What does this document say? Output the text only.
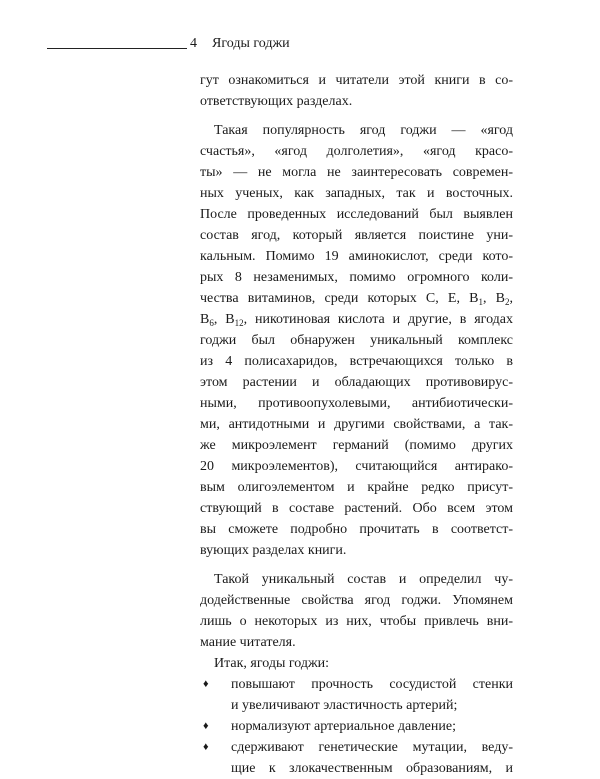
4 Ягоды годжи
гут ознакомиться и читатели этой книги в со-
ответствующих разделах.
Такая популярность ягод годжи — «ягод
счастья», «ягод долголетия», «ягод красо-
ты» — не могла не заинтересовать современ-
ных ученых, как западных, так и восточных.
После проведенных исследований был выявлен
состав ягод, который является поистине уни-
кальным. Помимо 19 аминокислот, среди кото-
рых 8 незаменимых, помимо огромного коли-
чества витаминов, среди которых С, Е, $B_1$, $B_2$,
$B_6$, $B_{12}$, никотиновая кислота и другие, в ягодах
годжи был обнаружен уникальный комплекс
из 4 полисахаридов, встречающихся только в
этом растении и обладающих противовирус-
ными, противоопухолевыми, антибиотически-
ми, антидотными и другими свойствами, а так-
же микроэлемент германий (помимо других
20 микроэлементов), считающийся антирако-
вым олигоэлементом и крайне редко присут-
ствующий в составе растений. Обо всем этом
вы сможете подробно прочитать в соответст-
вующих разделах книги.
Такой уникальный состав и определил чу-
додейственные свойства ягод годжи. Упомянем
лишь о некоторых из них, чтобы привлечь вни-
мание читателя.
Итак, ягоды годжи:
♦ повышают прочность сосудистой стенки
и увеличивают эластичность артерий;
♦ нормализуют артериальное давление;
♦ сдерживают генетические мутации, веду-
щие к злокачественным образованиям, и
